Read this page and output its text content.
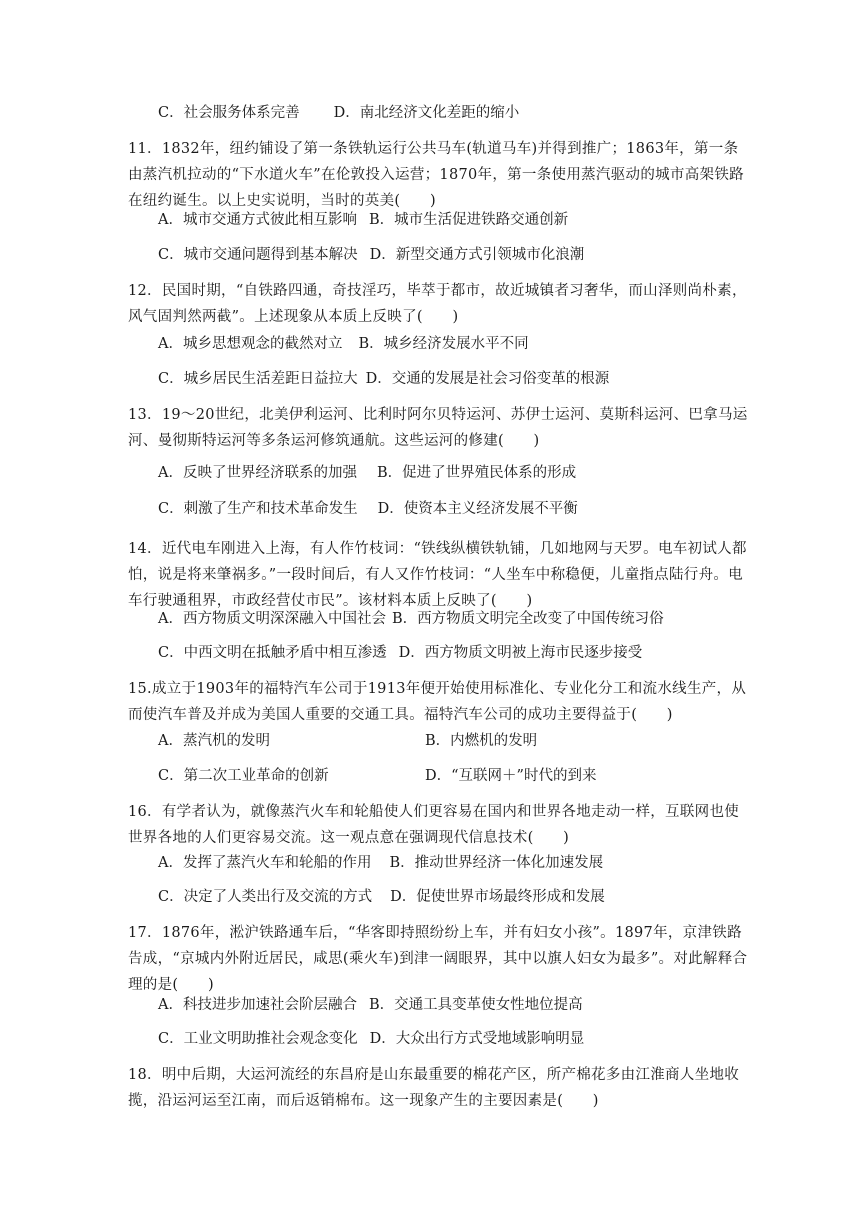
C．社会服务体系完善 D．南北经济文化差距的缩小
11．1832年，纽约铺设了第一条铁轨运行公共马车(轨道马车)并得到推广；1863年，第一条由蒸汽机拉动的“下水道火车”在伦敦投入运营；1870年，第一条使用蒸汽驱动的城市高架铁路在纽约诞生。以上史实说明，当时的英美(　　)
A．城市交通方式彼此相互影响 B．城市生活促进铁路交通创新
C．城市交通问题得到基本解决 D．新型交通方式引领城市化浪潮
12．民国时期，“自铁路四通，奇技淫巧，毕萃于都市，故近城镇者习奢华，而山泽则尚朴素，风气固判然两截”。上述现象从本质上反映了(　　)
A．城乡思想观念的截然对立 B．城乡经济发展水平不同
C．城乡居民生活差距日益拉大 D．交通的发展是社会习俗变革的根源
13．19～20世纪，北美伊利运河、比利时阿尔贝特运河、苏伊士运河、莫斯科运河、巴拿马运河、曼彻斯特运河等多条运河修筑通航。这些运河的修建(　　)
A．反映了世界经济联系的加强 B．促进了世界殖民体系的形成
C．刺激了生产和技术革命发生 D．使资本主义经济发展不平衡
14．近代电车刚进入上海，有人作竹枝词：“铁线纵横铁轨铺，几如地网与天罗。电车初试人都怕，说是将来肇祸多。”一段时间后，有人又作竹枝词：“人坐车中称稳便，儿童指点陆行舟。电车行驶通租界，市政经营仗市民”。该材料本质上反映了(　　)
A．西方物质文明深深融入中国社会 B．西方物质文明完全改变了中国传统习俗
C．中西文明在抵触矛盾中相互渗透 D．西方物质文明被上海市民逐步接受
15.成立于1903年的福特汽车公司于1913年便开始使用标准化、专业化分工和流水线生产，从而使汽车普及并成为美国人重要的交通工具。福特汽车公司的成功主要得益于(　　)
A．蒸汽机的发明	B．内燃机的发明
C．第二次工业革命的创新	D．“互联网＋”时代的到来
16．有学者认为，就像蒸汽火车和轮船使人们更容易在国内和世界各地走动一样，互联网也使世界各地的人们更容易交流。这一观点意在强调现代信息技术(　　)
A．发挥了蒸汽火车和轮船的作用 B．推动世界经济一体化加速发展
C．决定了人类出行及交流的方式 D．促使世界市场最终形成和发展
17．1876年，淞沪铁路通车后，“华客即持照纷纷上车，并有妇女小孩”。1897年，京津铁路告成，“京城内外附近居民，咸思(乘火车)到津一阔眼界，其中以旗人妇女为最多”。对此解释合理的是(　　)
A．科技进步加速社会阶层融合 B．交通工具变革使女性地位提高
C．工业文明助推社会观念变化 D．大众出行方式受地域影响明显
18．明中后期，大运河流经的东昌府是山东最重要的棉花产区，所产棉花多由江淮商人坐地收揽，沿运河运至江南，而后返销棉布。这一现象产生的主要因素是(　　)
